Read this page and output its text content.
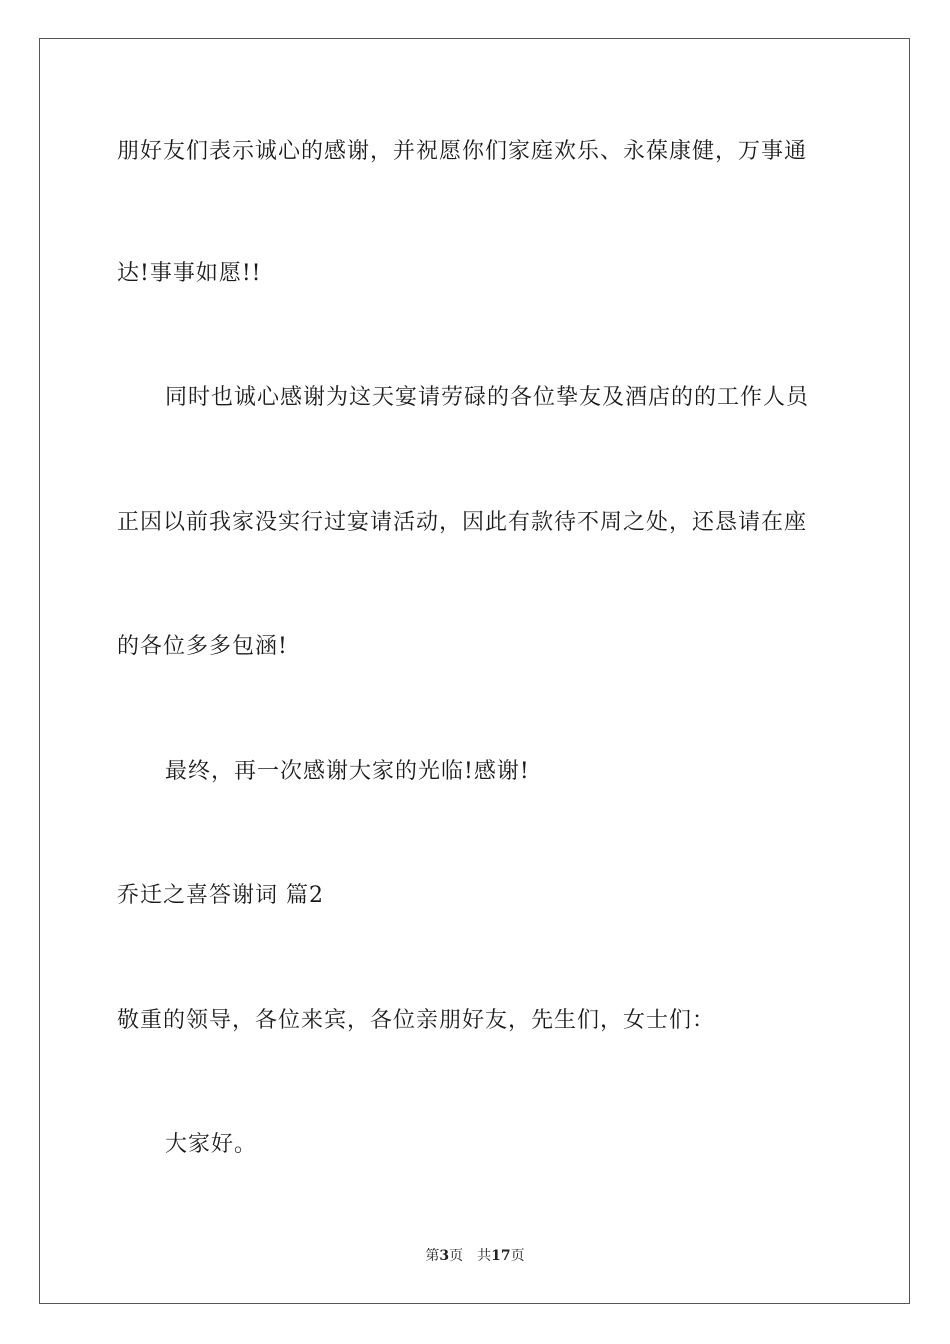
朋好友们表示诚心的感谢，并祝愿你们家庭欢乐、永葆康健，万事通
达!事事如愿!!
同时也诚心感谢为这天宴请劳碌的各位挚友及酒店的的工作人员
正因以前我家没实行过宴请活动，因此有款待不周之处，还恳请在座
的各位多多包涵!
最终，再一次感谢大家的光临!感谢!
乔迁之喜答谢词 篇2
敬重的领导，各位来宾，各位亲朋好友，先生们，女士们：
大家好。
第3页 共17页
